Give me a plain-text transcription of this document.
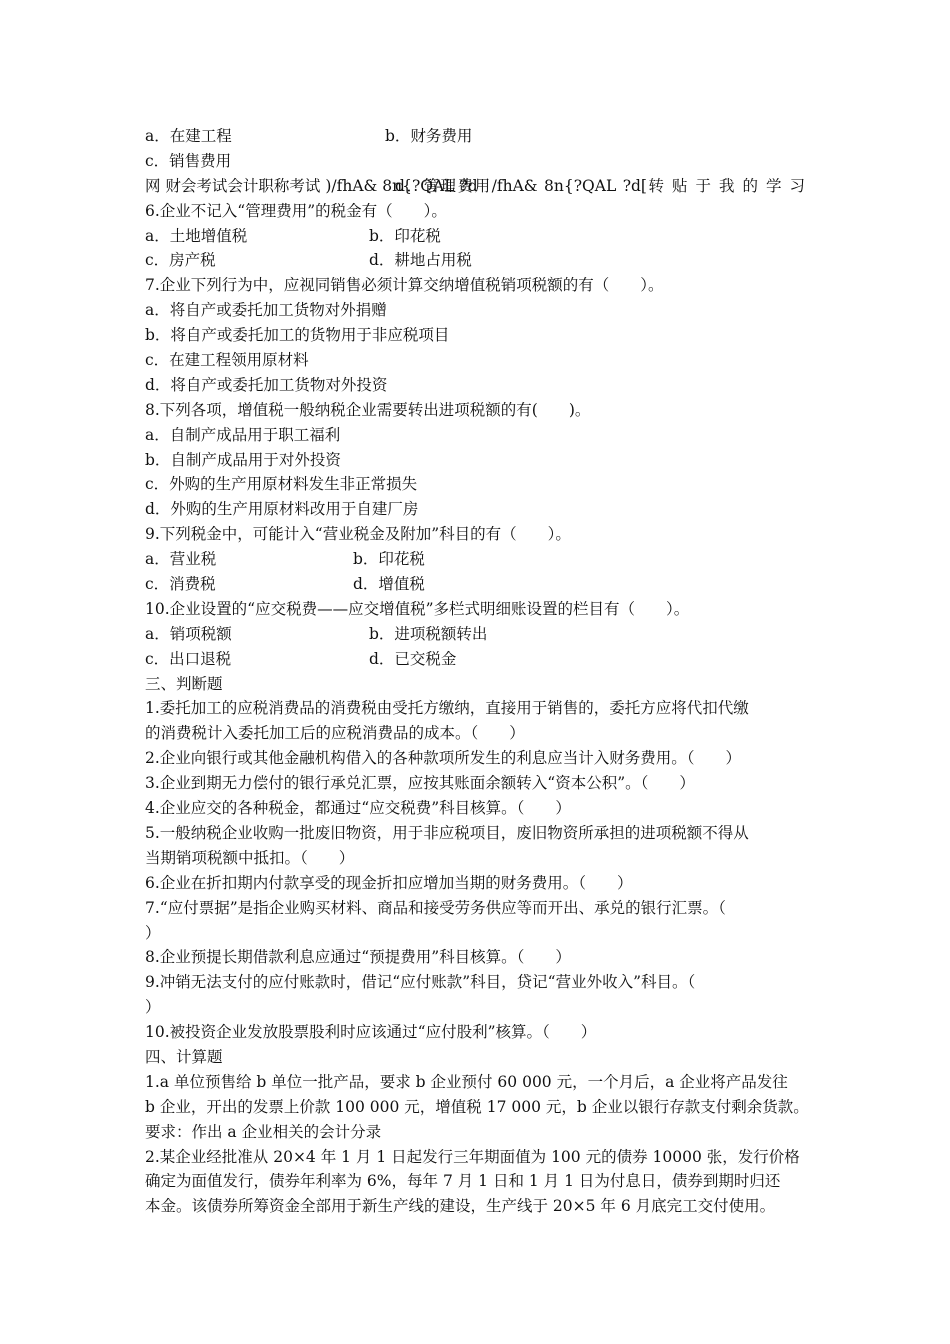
a．在建工程	b．财务费用
c．销售费用
d．管理费用/fhA& 8n{?QAL ?d[转 贴 于 我 的 学 习
网 财会考试会计职称考试 )/fhA& 8n{?QAL ?d
6.企业不记入“管理费用”的税金有（　　）。
a．土地增值税	b．印花税
c．房产税	d．耕地占用税
7.企业下列行为中，应视同销售必须计算交纳增值税销项税额的有（　　）。
a．将自产或委托加工货物对外捐赠
b．将自产或委托加工的货物用于非应税项目
c．在建工程领用原材料
d．将自产或委托加工货物对外投资
8.下列各项，增值税一般纳税企业需要转出进项税额的有(　　)。
a．自制产成品用于职工福利
b．自制产成品用于对外投资
c．外购的生产用原材料发生非正常损失
d．外购的生产用原材料改用于自建厂房
9.下列税金中，可能计入“营业税金及附加”科目的有（　　）。
a．营业税	b．印花税
c．消费税	d．增值税
10.企业设置的“应交税费——应交增值税”多栏式明细账设置的栏目有（　　）。
a．销项税额	b．进项税额转出
c．出口退税	d．已交税金
三、判断题
1.委托加工的应税消费品的消费税由受托方缴纳，直接用于销售的，委托方应将代扣代缴
的消费税计入委托加工后的应税消费品的成本。（　　）
2.企业向银行或其他金融机构借入的各种款项所发生的利息应当计入财务费用。（　　）
3.企业到期无力偿付的银行承兑汇票，应按其账面余额转入“资本公积”。（　　）
4.企业应交的各种税金，都通过“应交税费”科目核算。（　　）
5.一般纳税企业收购一批废旧物资，用于非应税项目，废旧物资所承担的进项税额不得从
当期销项税额中抵扣。（　　）
6.企业在折扣期内付款享受的现金折扣应增加当期的财务费用。（　　）
7.“应付票据”是指企业购买材料、商品和接受劳务供应等而开出、承兑的银行汇票。（
）
8.企业预提长期借款利息应通过“预提费用”科目核算。（　　）
9.冲销无法支付的应付账款时，借记“应付账款”科目，贷记“营业外收入”科目。（
）
10.被投资企业发放股票股利时应该通过“应付股利”核算。（　　）
四、计算题
1.a 单位预售给 b 单位一批产品，要求 b 企业预付 60 000 元，一个月后，a 企业将产品发往
b 企业，开出的发票上价款 100 000 元，增值税 17 000 元，b 企业以银行存款支付剩余货款。
要求：作出 a 企业相关的会计分录
2.某企业经批准从 20×4 年 1 月 1 日起发行三年期面值为 100 元的债券 10000 张，发行价格
确定为面值发行，债券年利率为 6%，每年 7 月 1 日和 1 月 1 日为付息日，债券到期时归还
本金。该债券所筹资金全部用于新生产线的建设，生产线于 20×5 年 6 月底完工交付使用。
